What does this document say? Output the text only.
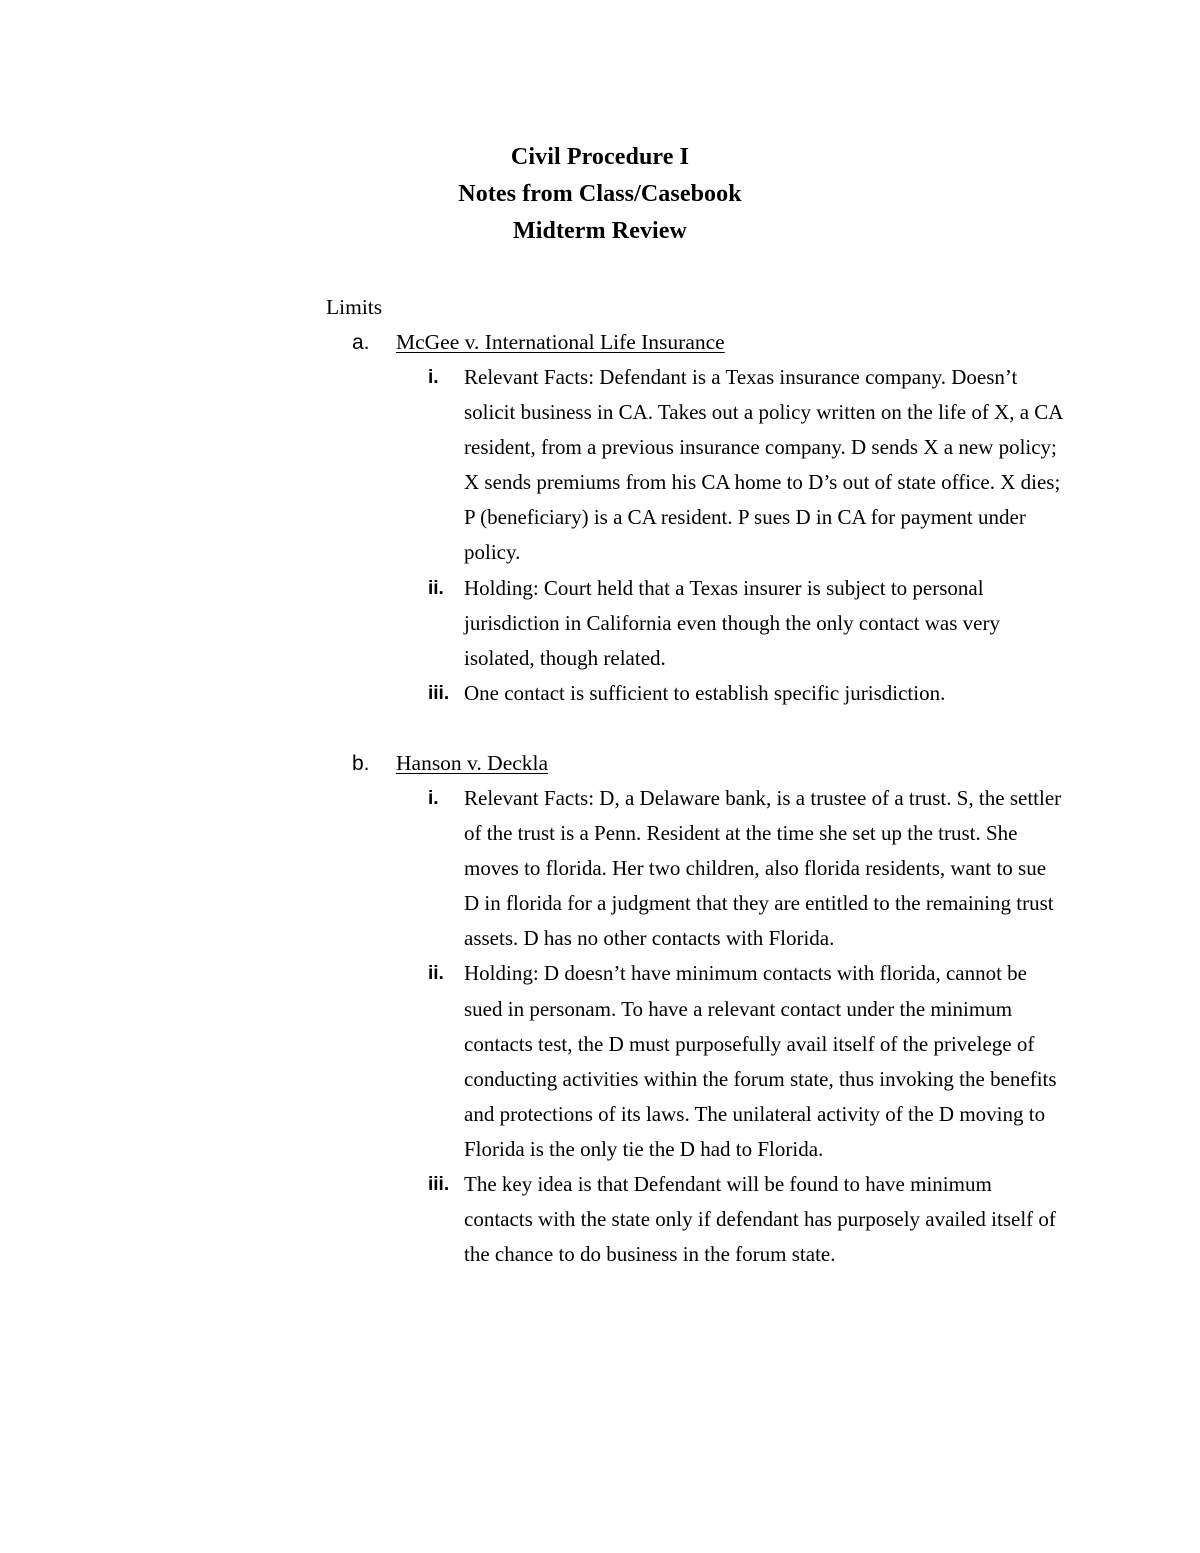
Civil Procedure I
Notes from Class/Casebook
Midterm Review
Limits
a. McGee v. International Life Insurance
i. Relevant Facts: Defendant is a Texas insurance company. Doesn’t solicit business in CA. Takes out a policy written on the life of X, a CA resident, from a previous insurance company. D sends X a new policy; X sends premiums from his CA home to D’s out of state office. X dies; P (beneficiary) is a CA resident. P sues D in CA for payment under policy.
ii. Holding: Court held that a Texas insurer is subject to personal jurisdiction in California even though the only contact was very isolated, though related.
iii. One contact is sufficient to establish specific jurisdiction.
b. Hanson v. Deckla
i. Relevant Facts: D, a Delaware bank, is a trustee of a trust. S, the settler of the trust is a Penn. Resident at the time she set up the trust. She moves to florida. Her two children, also florida residents, want to sue D in florida for a judgment that they are entitled to the remaining trust assets. D has no other contacts with Florida.
ii. Holding: D doesn’t have minimum contacts with florida, cannot be sued in personam. To have a relevant contact under the minimum contacts test, the D must purposefully avail itself of the privelege of conducting activities within the forum state, thus invoking the benefits and protections of its laws. The unilateral activity of the D moving to Florida is the only tie the D had to Florida.
iii. The key idea is that Defendant will be found to have minimum contacts with the state only if defendant has purposely availed itself of the chance to do business in the forum state.
